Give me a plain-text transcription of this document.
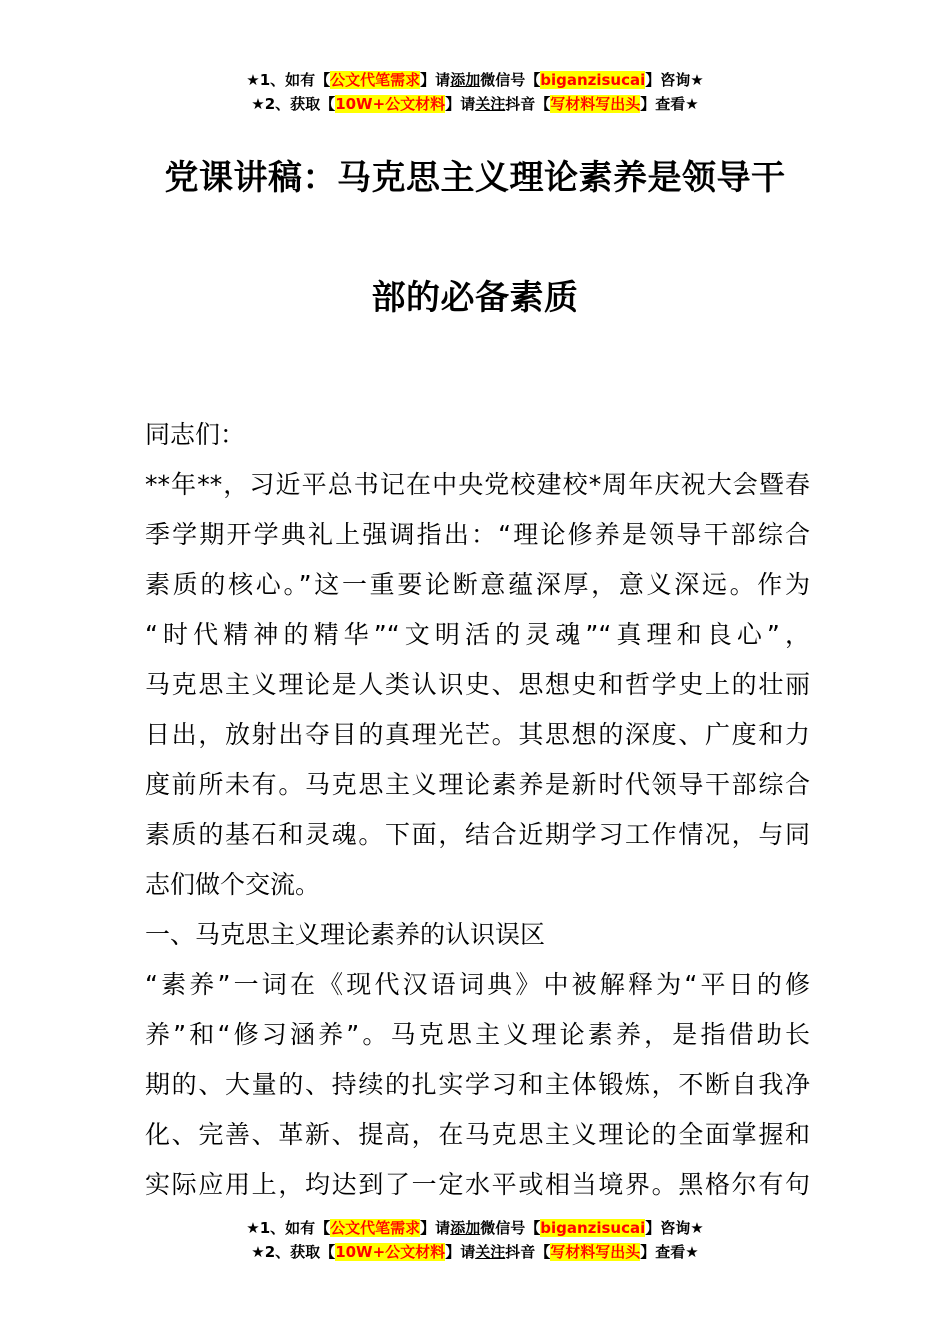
★1、如有【公文代笔需求】请添加微信号【biganzisucai】咨询★
★2、获取【10W+公文材料】请关注抖音【写材料写出头】查看★
党课讲稿：马克思主义理论素养是领导干
部的必备素质
同志们：
**年**，习近平总书记在中央党校建校*周年庆祝大会暨春
季学期开学典礼上强调指出：“理论修养是领导干部综合
素质的核心。”这一重要论断意蕴深厚，意义深远。作为
“时代精神的精华”“文明活的灵魂”“真理和良心”，
马克思主义理论是人类认识史、思想史和哲学史上的壮丽
日出，放射出夺目的真理光芒。其思想的深度、广度和力
度前所未有。马克思主义理论素养是新时代领导干部综合
素质的基石和灵魂。下面，结合近期学习工作情况，与同
志们做个交流。
一、马克思主义理论素养的认识误区
“素养”一词在《现代汉语词典》中被解释为“平日的修
养”和“修习涵养”。马克思主义理论素养，是指借助长
期的、大量的、持续的扎实学习和主体锻炼，不断自我净
化、完善、革新、提高，在马克思主义理论的全面掌握和
实际应用上，均达到了一定水平或相当境界。黑格尔有句
★1、如有【公文代笔需求】请添加微信号【biganzisucai】咨询★
★2、获取【10W+公文材料】请关注抖音【写材料写出头】查看★
